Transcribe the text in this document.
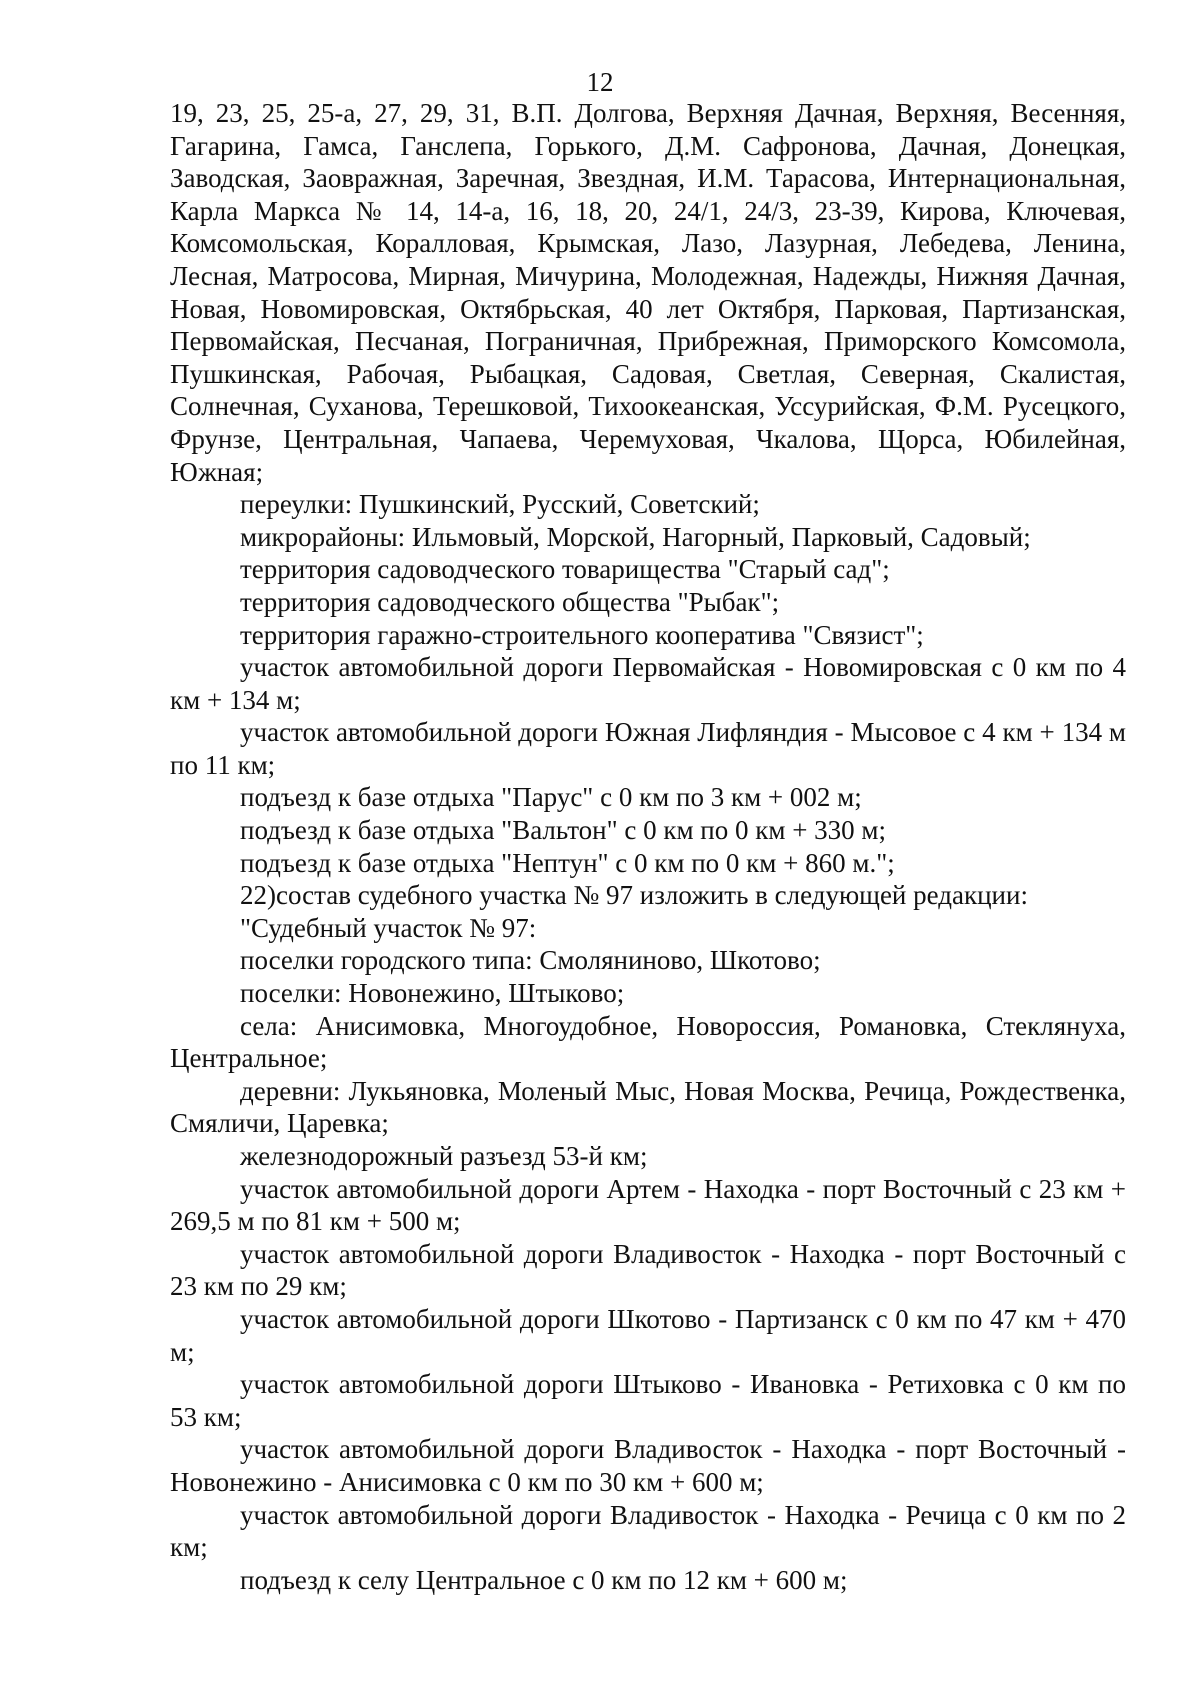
12

19, 23, 25, 25-а, 27, 29, 31, В.П. Долгова, Верхняя Дачная, Верхняя, Весенняя, Гагарина, Гамса, Ганслепа, Горького, Д.М. Сафронова, Дачная, Донецкая, Заводская, Заовражная, Заречная, Звездная, И.М. Тарасова, Интернациональная, Карла Маркса № 14, 14-а, 16, 18, 20, 24/1, 24/3, 23-39, Кирова, Ключевая, Комсомольская, Коралловая, Крымская, Лазо, Лазурная, Лебедева, Ленина, Лесная, Матросова, Мирная, Мичурина, Молодежная, Надежды, Нижняя Дачная, Новая, Новомировская, Октябрьская, 40 лет Октября, Парковая, Партизанская, Первомайская, Песчаная, Пограничная, Прибрежная, Приморского Комсомола, Пушкинская, Рабочая, Рыбацкая, Садовая, Светлая, Северная, Скалистая, Солнечная, Суханова, Терешковой, Тихоокеанская, Уссурийская, Ф.М. Русецкого, Фрунзе, Центральная, Чапаева, Черемуховая, Чкалова, Щорса, Юбилейная, Южная;

переулки: Пушкинский, Русский, Советский;

микрорайоны: Ильмовый, Морской, Нагорный, Парковый, Садовый;

территория садоводческого товарищества "Старый сад";

территория садоводческого общества "Рыбак";

территория гаражно-строительного кооператива "Связист";

участок автомобильной дороги Первомайская - Новомировская с 0 км по 4 км + 134 м;

участок автомобильной дороги Южная Лифляндия - Мысовое с 4 км + 134 м по 11 км;

подъезд к базе отдыха "Парус" с 0 км по 3 км + 002 м;

подъезд к базе отдыха "Вальтон" с 0 км по 0 км + 330 м;

подъезд к базе отдыха "Нептун" с 0 км по 0 км + 860 м.";

22)состав судебного участка № 97 изложить в следующей редакции:

"Судебный участок № 97:

поселки городского типа: Смоляниново, Шкотово;

поселки: Новонежино, Штыково;

села: Анисимовка, Многоудобное, Новороссия, Романовка, Стеклянуха, Центральное;

деревни: Лукьяновка, Моленый Мыс, Новая Москва, Речица, Рождественка, Смяличи, Царевка;

железнодорожный разъезд 53-й км;

участок автомобильной дороги Артем - Находка - порт Восточный с 23 км + 269,5 м по 81 км + 500 м;

участок автомобильной дороги Владивосток - Находка - порт Восточный с 23 км по 29 км;

участок автомобильной дороги Шкотово - Партизанск с 0 км по 47 км + 470 м;

участок автомобильной дороги Штыково - Ивановка - Ретиховка с 0 км по 53 км;

участок автомобильной дороги Владивосток - Находка - порт Восточный - Новонежино - Анисимовка с 0 км по 30 км + 600 м;

участок автомобильной дороги Владивосток - Находка - Речица с 0 км по 2 км;

подъезд к селу Центральное с 0 км по 12 км + 600 м;
